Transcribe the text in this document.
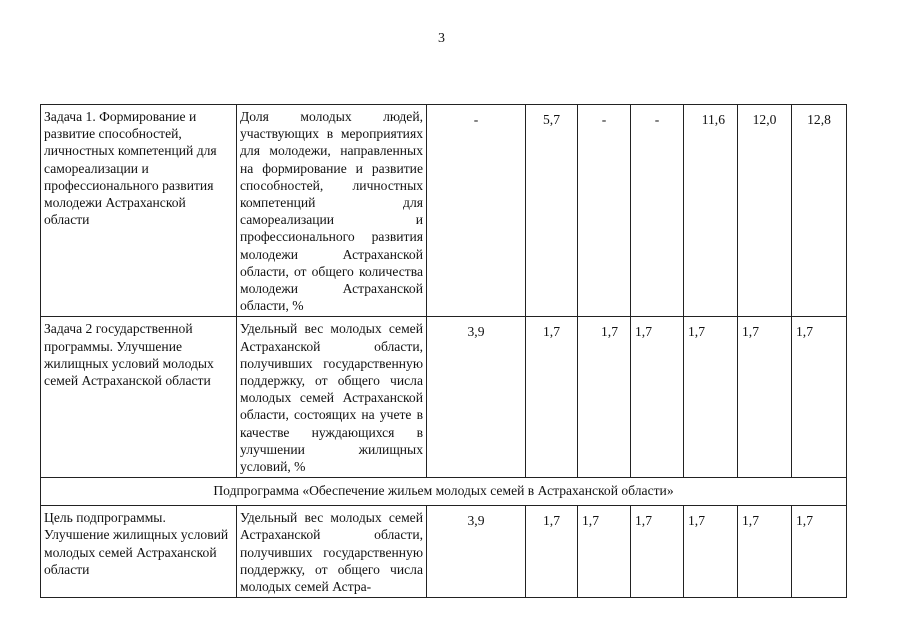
3
Задача 1. Формирование и развитие способностей, личностных компетенций для самореализации и профессионального развития молодежи Астраханской области	Доля молодых людей, участвующих в мероприятиях для молодежи, направленных на формирование и развитие способностей, личностных компетенций для самореализации и профессионального развития молодежи Астраханской области, от общего количества молодежи Астраханской области, %	-	5,7	-	-	11,6	12,0	12,8
Задача 2 государственной программы. Улучшение жилищных условий молодых семей Астраханской области	Удельный вес молодых семей Астраханской области, получивших государственную поддержку, от общего числа молодых семей Астраханской области, состоящих на учете в качестве нуждающихся в улучшении жилищных условий, %	3,9	1,7	1,7	1,7	1,7	1,7	1,7
Подпрограмма «Обеспечение жильем молодых семей в Астраханской области»								
Цель подпрограммы. Улучшение жилищных условий молодых семей Астраханской области	Удельный вес молодых семей Астраханской области, получивших государственную поддержку, от общего числа молодых семей Астра-	3,9	1,7	1,7	1,7	1,7	1,7	1,7
